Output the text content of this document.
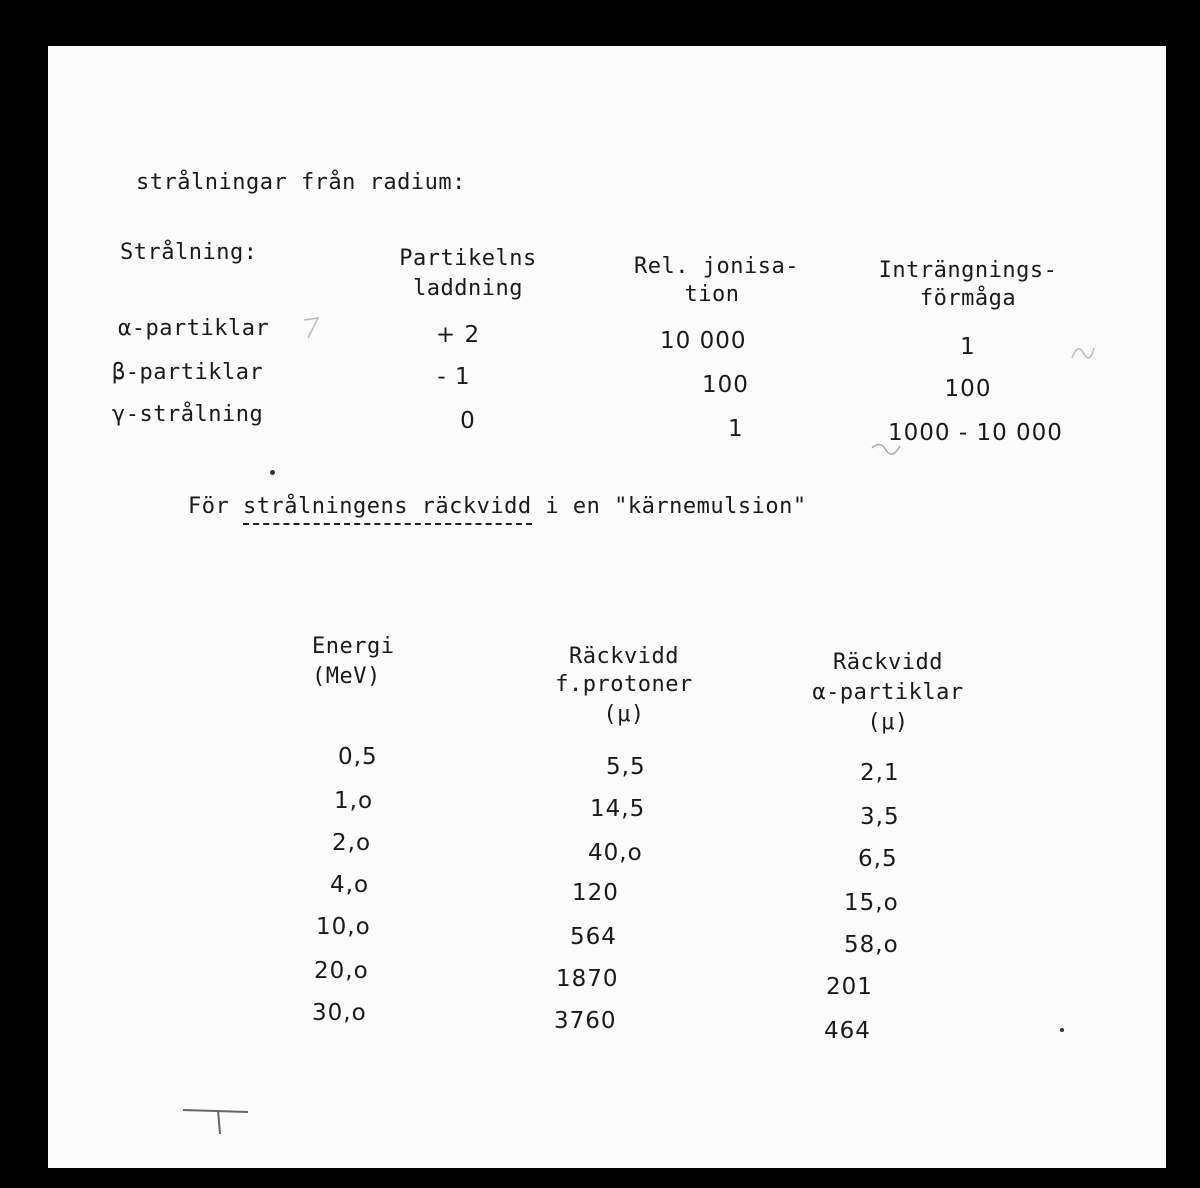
strålningar från radium:
Strålning:	Partikelns
laddning
Rel. jonisa-
tion
Inträngnings-
förmåga
α-partiklar
β-partiklar
γ-strålning
+ 2
- 1
0
10 000
100
1
1
100
1000 - 10 000
För strålningens räckvidd i en "kärnemulsion"
Energi
(MeV)
Räckvidd
f.protoner
(μ)
Räckvidd
α-partiklar
(μ)
0,5
1,o
2,o
4,o
10,o
20,o
30,o
5,5
14,5
40,o
120
564
1870
3760
2,1
3,5
6,5
15,o
58,o
201
464
